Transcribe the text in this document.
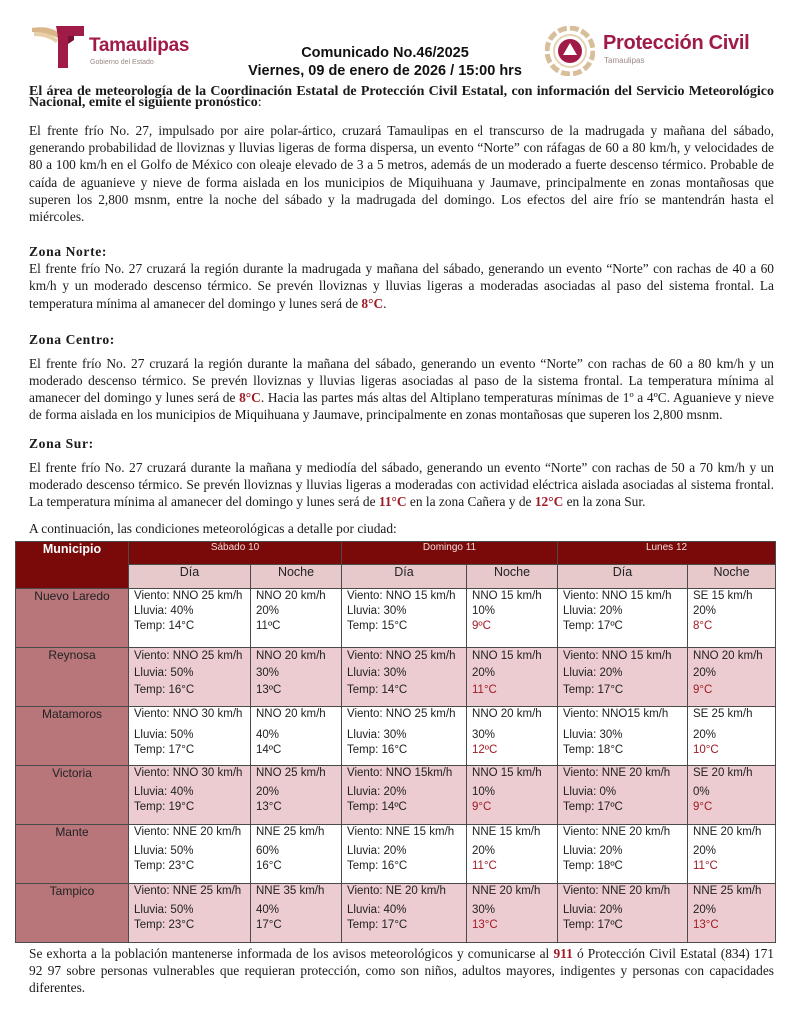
Tamaulipas
Gobierno del Estado
Comunicado No.46/2025
Viernes, 09 de enero de 2026 / 15:00 hrs
Protección Civil
Tamaulipas

El área de meteorología de la Coordinación Estatal de Protección Civil Estatal, con información del Servicio Meteorológico Nacional, emite el siguiente pronóstico:

El frente frío No. 27, impulsado por aire polar-ártico, cruzará Tamaulipas en el transcurso de la madrugada y mañana del sábado, generando probabilidad de lloviznas y lluvias ligeras de forma dispersa, un evento “Norte” con ráfagas de 60 a 80 km/h, y velocidades de 80 a 100 km/h en el Golfo de México con oleaje elevado de 3 a 5 metros, además de un moderado a fuerte descenso térmico. Probable de caída de aguanieve y nieve de forma aislada en los municipios de Miquihuana y Jaumave, principalmente en zonas montañosas que superen los 2,800 msnm, entre la noche del sábado y la madrugada del domingo. Los efectos del aire frío se mantendrán hasta el miércoles.

Zona Norte:

El frente frío No. 27 cruzará la región durante la madrugada y mañana del sábado, generando un evento “Norte” con rachas de 40 a 60 km/h y un moderado descenso térmico. Se prevén lloviznas y lluvias ligeras a moderadas asociadas al paso del sistema frontal. La temperatura mínima al amanecer del domingo y lunes será de 8°C.

Zona Centro:

El frente frío No. 27 cruzará la región durante la mañana del sábado, generando un evento “Norte” con rachas de 60 a 80 km/h y un moderado descenso térmico. Se prevén lloviznas y lluvias ligeras asociadas al paso de la sistema frontal. La temperatura mínima al amanecer del domingo y lunes será de 8°C. Hacia las partes más altas del Altiplano temperaturas mínimas de 1º a 4ºC. Aguanieve y nieve de forma aislada en los municipios de Miquihuana y Jaumave, principalmente en zonas montañosas que superen los 2,800 msnm.

Zona Sur:

El frente frío No. 27 cruzará durante la mañana y mediodía del sábado, generando un evento “Norte” con rachas de 50 a 70 km/h y un moderado descenso térmico. Se prevén lloviznas y lluvias ligeras a moderadas con actividad eléctrica aislada asociadas al sistema frontal. La temperatura mínima al amanecer del domingo y lunes será de 11°C en la zona Cañera y de 12°C en la zona Sur.

A continuación, las condiciones meteorológicas a detalle por ciudad:

Municipio	Sábado 10		Domingo 11		Lunes 12	
	Día	Noche	Día	Noche	Día	Noche
Nuevo Laredo	Viento: NNO 25 km/h
Lluvia: 40%
Temp: 14°C	NNO 20 km/h
20%
11ºC	Viento: NNO 15 km/h
Lluvia: 30%
Temp: 15°C	NNO 15 km/h
10%
9ºC	Viento: NNO 15 km/h
Lluvia: 20%
Temp: 17ºC	SE 15 km/h
20%
8°C

Reynosa	Viento: NNO 25 km/h
Lluvia: 50%
Temp: 16°C	NNO 20 km/h
30%
13ºC	Viento: NNO 25 km/h
Lluvia: 30%
Temp: 14°C	NNO 15 km/h
20%
11°C	Viento: NNO 15 km/h
Lluvia: 20%
Temp: 17°C	NNO 20 km/h
20%
9°C

Matamoros	Viento: NNO 30 km/h
Lluvia: 50%
Temp: 17°C	NNO 20 km/h
40%
14ºC	Viento: NNO 25 km/h
Lluvia: 30%
Temp: 16°C	NNO 20 km/h
30%
12ºC	Viento: NNO15 km/h
Lluvia: 30%
Temp: 18°C	SE 25 km/h
20%
10°C

Victoria	Viento: NNO 30 km/h
Lluvia: 40%
Temp: 19°C	NNO 25 km/h
20%
13°C	Viento: NNO 15km/h
Lluvia: 20%
Temp: 14ºC	NNO 15 km/h
10%
9°C	Viento: NNE 20 km/h
Lluvia: 0%
Temp: 17ºC	SE 20 km/h
0%
9°C

Mante	Viento: NNE 20 km/h
Lluvia: 50%
Temp: 23°C	NNE 25 km/h
60%
16°C	Viento: NNE 15 km/h
Lluvia: 20%
Temp: 16°C	NNE 15 km/h
20%
11°C	Viento: NNE 20 km/h
Lluvia: 20%
Temp: 18ºC	NNE 20 km/h
20%
11°C

Tampico	Viento: NNE 25 km/h
Lluvia: 50%
Temp: 23°C	NNE 35 km/h
40%
17°C	Viento: NE 20 km/h
Lluvia: 40%
Temp: 17°C	NNE 20 km/h
30%
13°C	Viento: NNE 20 km/h
Lluvia: 20%
Temp: 17ºC	NNE 25 km/h
20%
13°C

Se exhorta a la población mantenerse informada de los avisos meteorológicos y comunicarse al 911 ó Protección Civil Estatal (834) 171 92 97 sobre personas vulnerables que requieran protección, como son niños, adultos mayores, indigentes y personas con capacidades diferentes.
